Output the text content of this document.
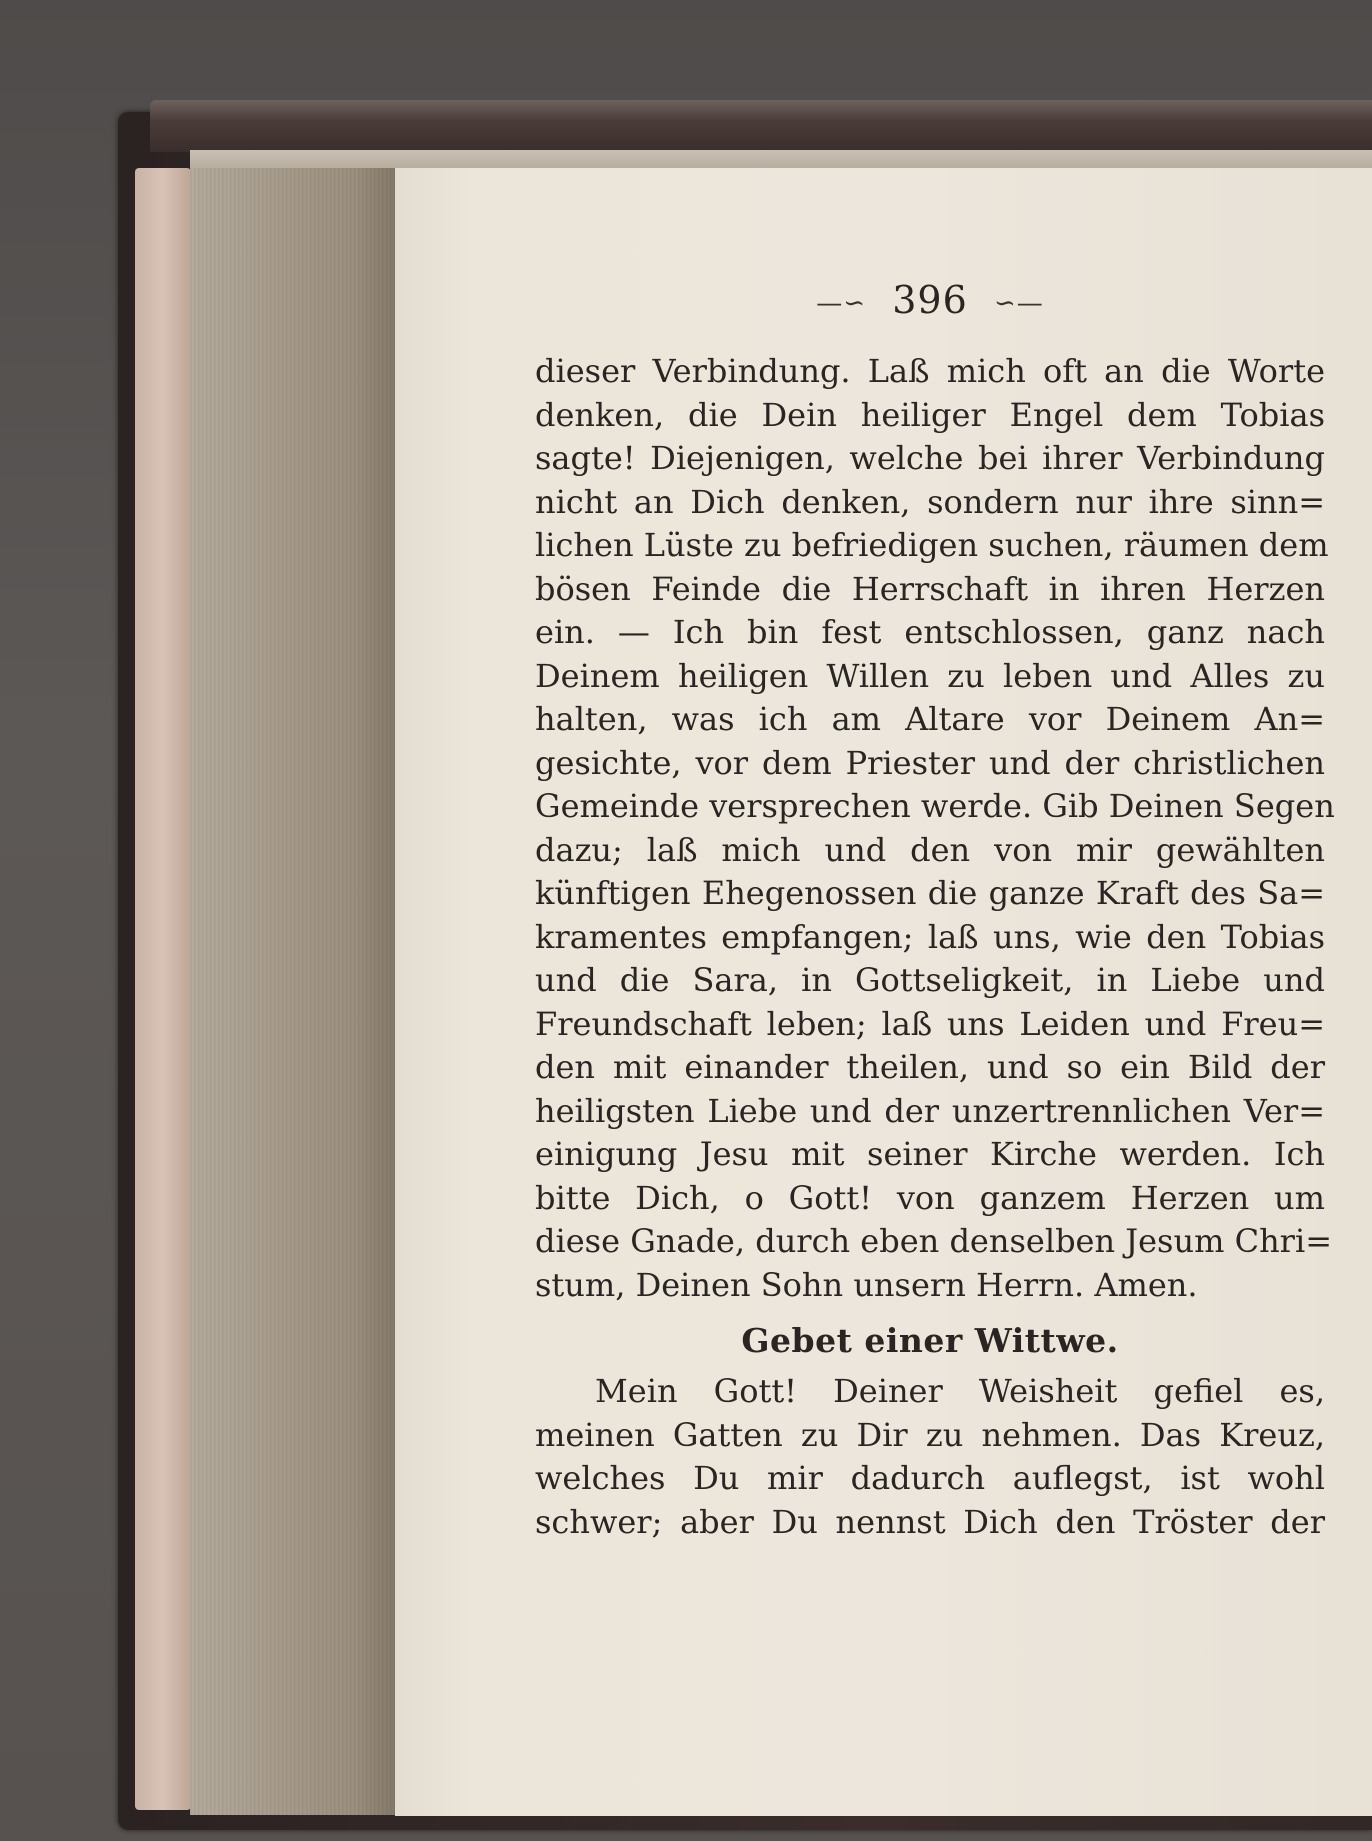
—∽ 396 ∽—
dieser Verbindung. Laß mich oft an die Worte
denken, die Dein heiliger Engel dem Tobias
sagte! Diejenigen, welche bei ihrer Verbindung
nicht an Dich denken, sondern nur ihre sinn=
lichen Lüste zu befriedigen suchen, räumen dem
bösen Feinde die Herrschaft in ihren Herzen
ein. — Ich bin fest entschlossen, ganz nach
Deinem heiligen Willen zu leben und Alles zu
halten, was ich am Altare vor Deinem An=
gesichte, vor dem Priester und der christlichen
Gemeinde versprechen werde. Gib Deinen Segen
dazu; laß mich und den von mir gewählten
künftigen Ehegenossen die ganze Kraft des Sa=
kramentes empfangen; laß uns, wie den Tobias
und die Sara, in Gottseligkeit, in Liebe und
Freundschaft leben; laß uns Leiden und Freu=
den mit einander theilen, und so ein Bild der
heiligsten Liebe und der unzertrennlichen Ver=
einigung Jesu mit seiner Kirche werden. Ich
bitte Dich, o Gott! von ganzem Herzen um
diese Gnade, durch eben denselben Jesum Chri=
stum, Deinen Sohn unsern Herrn. Amen.
Gebet einer Wittwe.
Mein Gott! Deiner Weisheit gefiel es,
meinen Gatten zu Dir zu nehmen. Das Kreuz,
welches Du mir dadurch auflegst, ist wohl
schwer; aber Du nennst Dich den Tröster der
